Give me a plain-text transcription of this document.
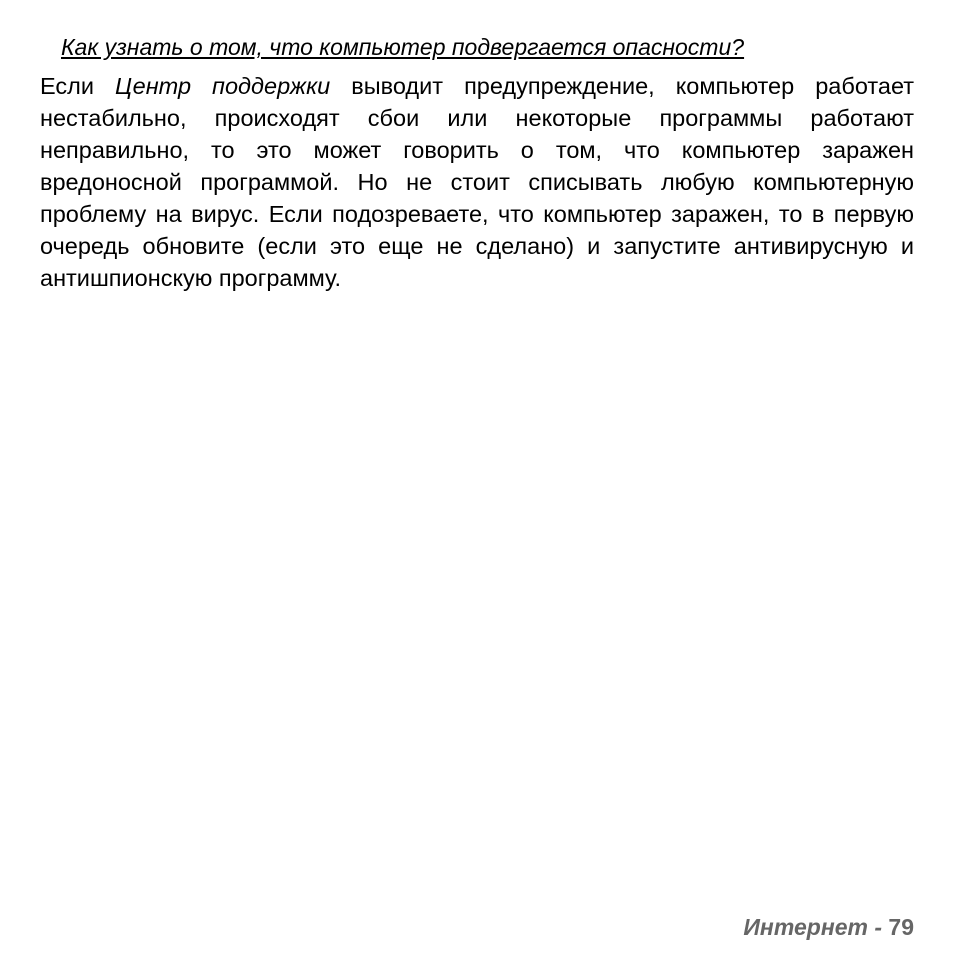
Как узнать о том, что компьютер подвергается опасности?

Если Центр поддержки выводит предупреждение, компьютер работает нестабильно, происходят сбои или некоторые программы работают неправильно, то это может говорить о том, что компьютер заражен вредоносной программой. Но не стоит списывать любую компьютерную проблему на вирус. Если подозреваете, что компьютер заражен, то в первую очередь обновите (если это еще не сделано) и запустите антивирусную и антишпионскую программу.

Интернет - 79
